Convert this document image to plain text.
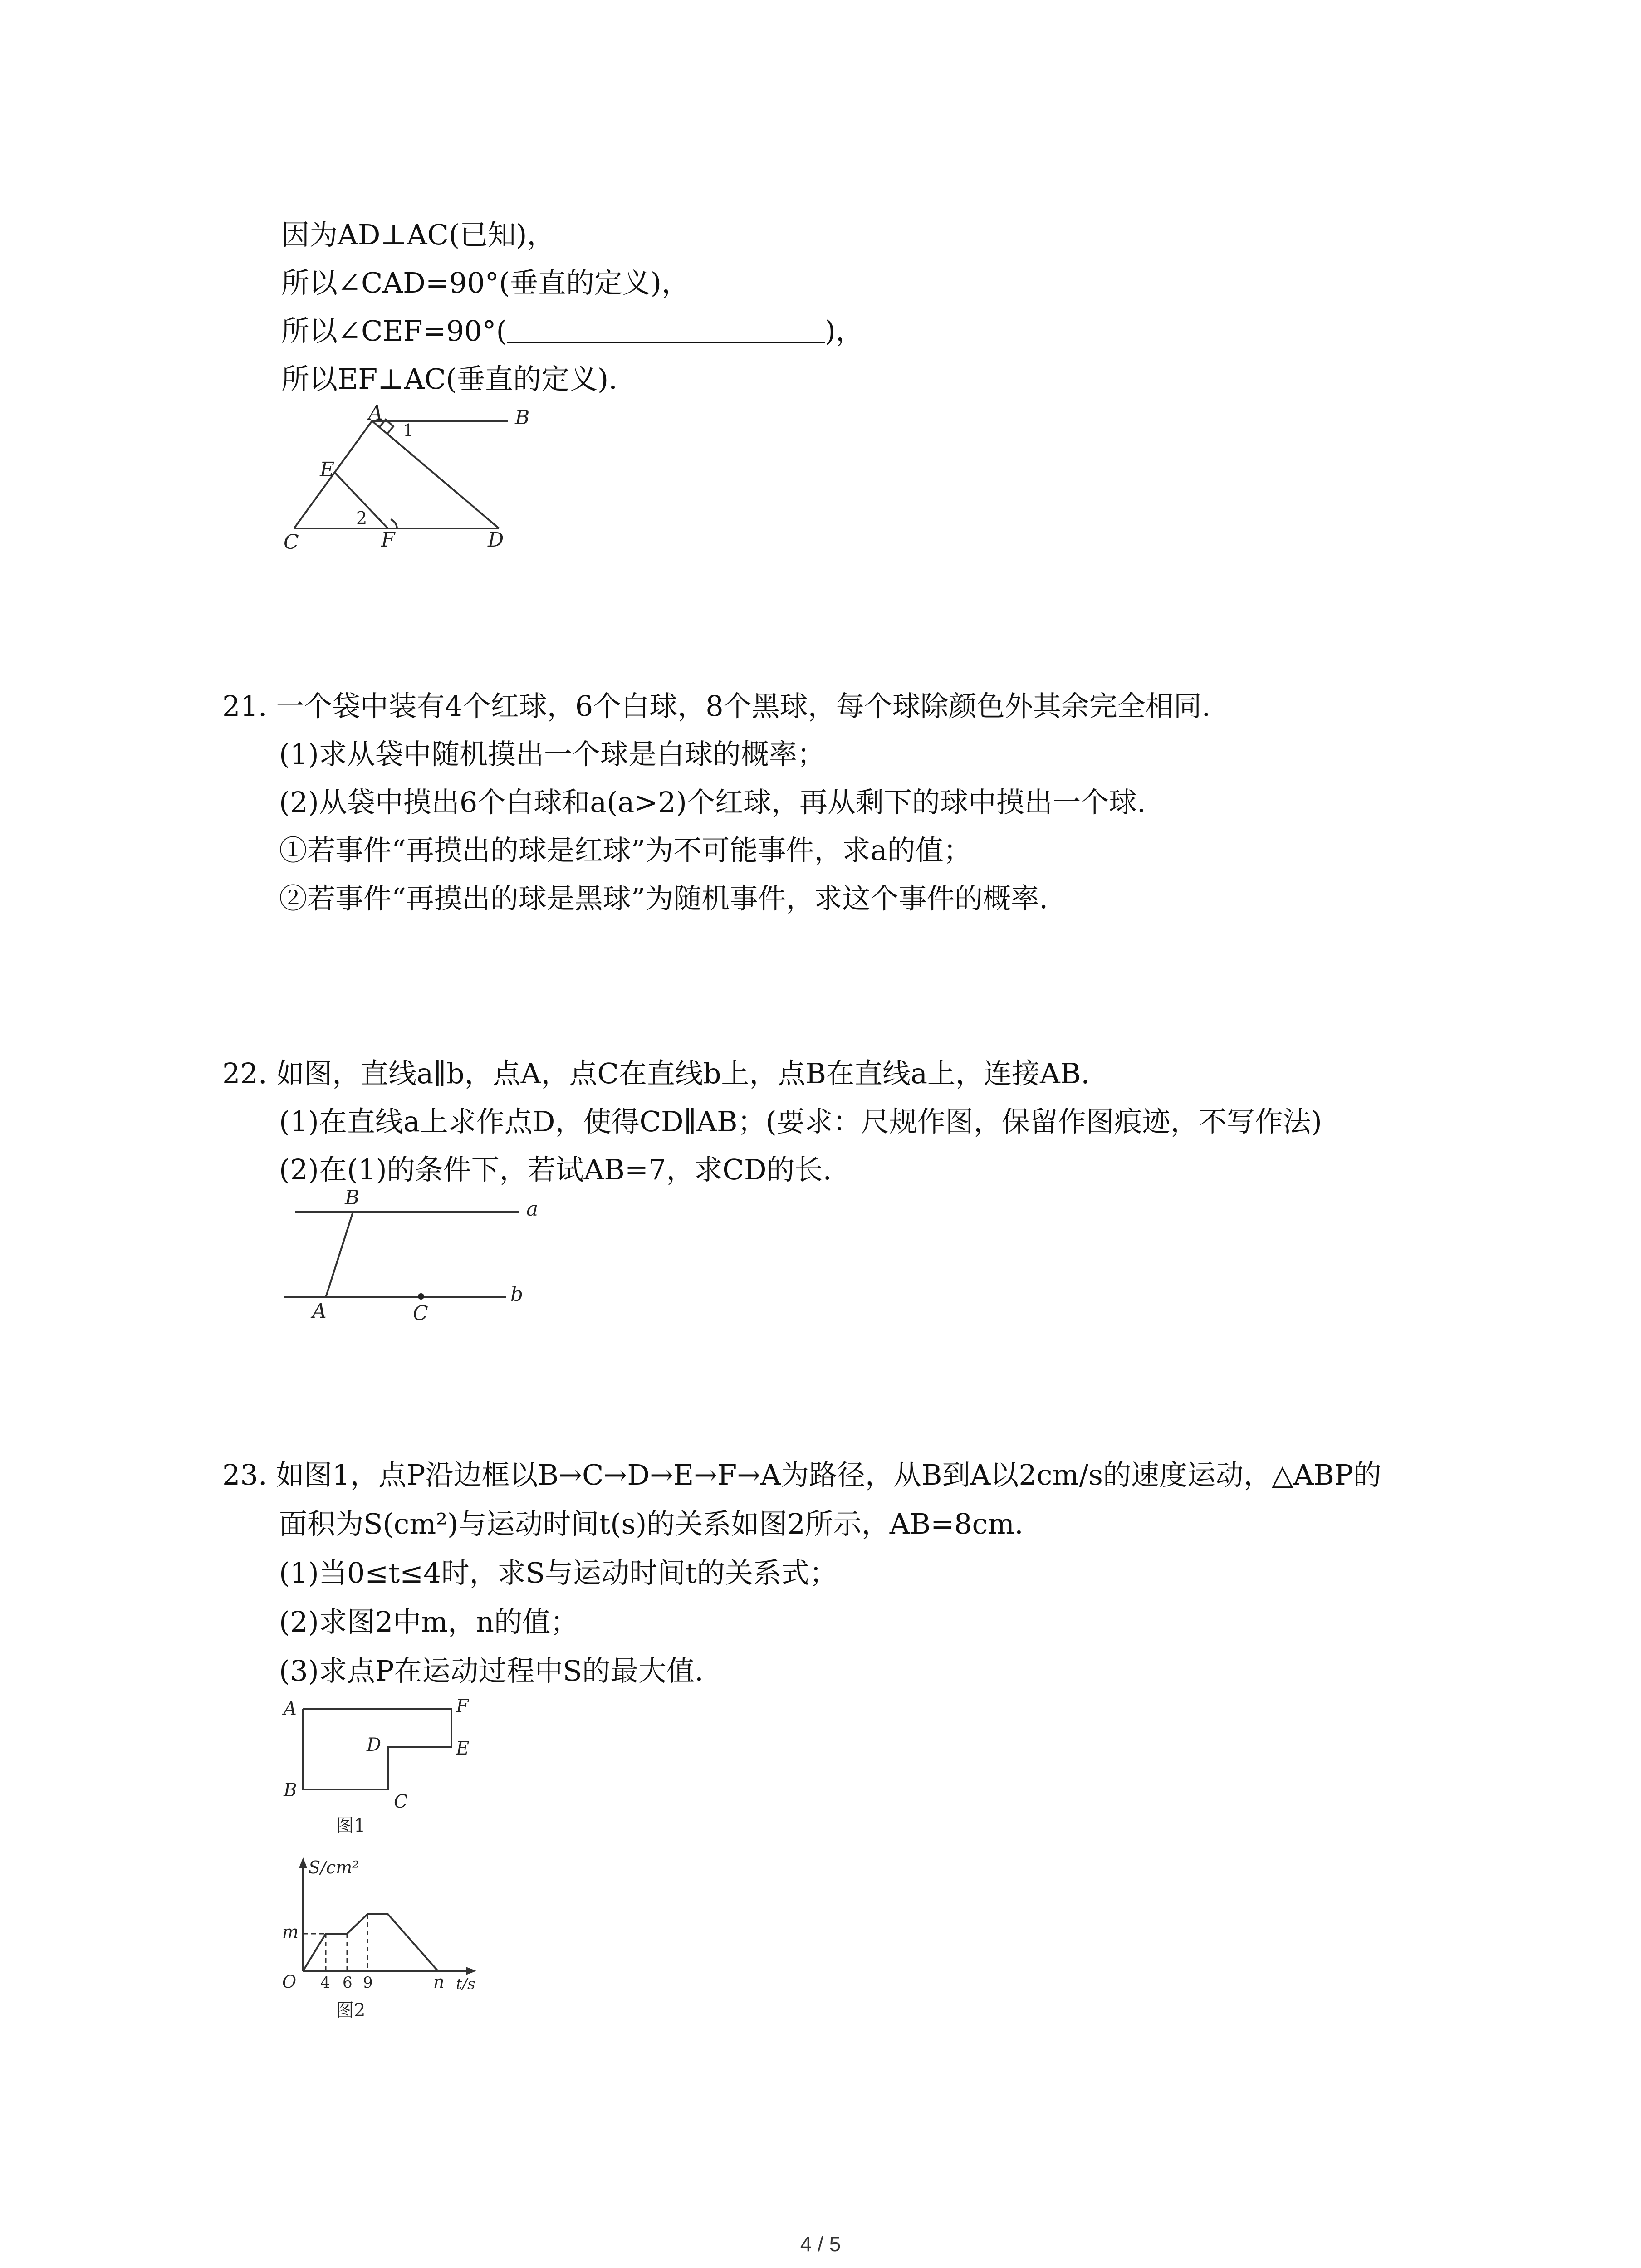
因为AD⊥AC(已知)，
所以∠CAD=90°(垂直的定义)，
所以∠CEF=90°(	)，
所以EF⊥AC(垂直的定义).
A	B
C	D
E
F
1
2
21. 一个袋中装有4个红球，6个白球，8个黑球，每个球除颜色外其余完全相同.
(1)求从袋中随机摸出一个球是白球的概率；
(2)从袋中摸出6个白球和a(a>2)个红球，再从剩下的球中摸出一个球.
①若事件“再摸出的球是红球”为不可能事件，求a的值；
②若事件“再摸出的球是黑球”为随机事件，求这个事件的概率.
22. 如图，直线a∥b，点A，点C在直线b上，点B在直线a上，连接AB.
(1)在直线a上求作点D，使得CD∥AB；(要求：尺规作图，保留作图痕迹，不写作法)
(2)在(1)的条件下，若试AB=7，求CD的长.
B	a
A	C
b
23. 如图1，点P沿边框以B→C→D→E→F→A为路径，从B到A以2cm/s的速度运动，△ABP的
面积为S(cm²)与运动时间t(s)的关系如图2所示，AB=8cm.
(1)当0≤t≤4时，求S与运动时间t的关系式；
(2)求图2中m，n的值；
(3)求点P在运动过程中S的最大值.
A
B
C
D	E
F
图1
S/cm²
m
O 4 6 9	n t/s
图2
4 / 5
